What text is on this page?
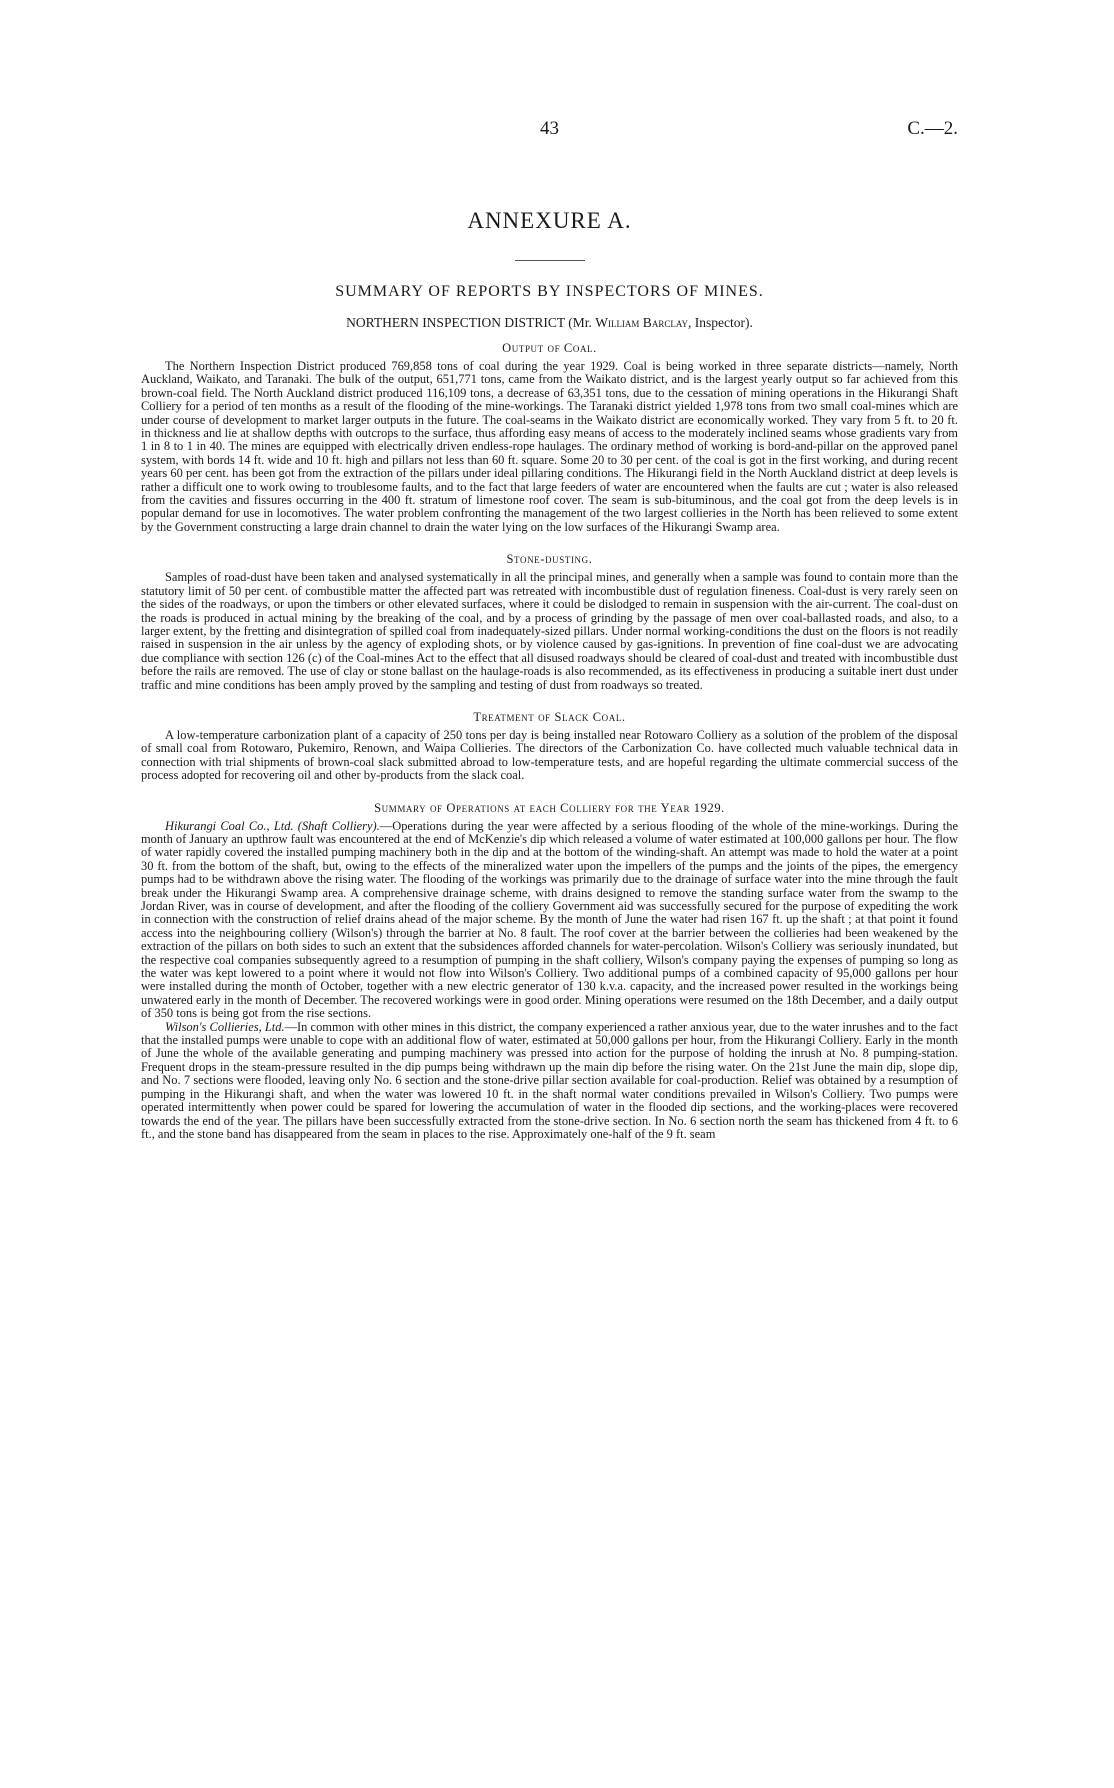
43	C.—2.
ANNEXURE A.
SUMMARY OF REPORTS BY INSPECTORS OF MINES.
NORTHERN INSPECTION DISTRICT (Mr. William Barclay, Inspector).
Output of Coal.

The Northern Inspection District produced 769,858 tons of coal during the year 1929. Coal is being worked in three separate districts—namely, North Auckland, Waikato, and Taranaki. The bulk of the output, 651,771 tons, came from the Waikato district, and is the largest yearly output so far achieved from this brown-coal field. The North Auckland district produced 116,109 tons, a decrease of 63,351 tons, due to the cessation of mining operations in the Hikurangi Shaft Colliery for a period of ten months as a result of the flooding of the mine-workings. The Taranaki district yielded 1,978 tons from two small coal-mines which are under course of development to market larger outputs in the future. The coal-seams in the Waikato district are economically worked. They vary from 5 ft. to 20 ft. in thickness and lie at shallow depths with outcrops to the surface, thus affording easy means of access to the moderately inclined seams whose gradients vary from 1 in 8 to 1 in 40. The mines are equipped with electrically driven endless-rope haulages. The ordinary method of working is bord-and-pillar on the approved panel system, with bords 14 ft. wide and 10 ft. high and pillars not less than 60 ft. square. Some 20 to 30 per cent. of the coal is got in the first working, and during recent years 60 per cent. has been got from the extraction of the pillars under ideal pillaring conditions. The Hikurangi field in the North Auckland district at deep levels is rather a difficult one to work owing to troublesome faults, and to the fact that large feeders of water are encountered when the faults are cut ; water is also released from the cavities and fissures occurring in the 400 ft. stratum of limestone roof cover. The seam is sub-bituminous, and the coal got from the deep levels is in popular demand for use in locomotives. The water problem confronting the management of the two largest collieries in the North has been relieved to some extent by the Government constructing a large drain channel to drain the water lying on the low surfaces of the Hikurangi Swamp area.

Stone-dusting.

Samples of road-dust have been taken and analysed systematically in all the principal mines, and generally when a sample was found to contain more than the statutory limit of 50 per cent. of combustible matter the affected part was retreated with incombustible dust of regulation fineness. Coal-dust is very rarely seen on the sides of the roadways, or upon the timbers or other elevated surfaces, where it could be dislodged to remain in suspension with the air-current. The coal-dust on the roads is produced in actual mining by the breaking of the coal, and by a process of grinding by the passage of men over coal-ballasted roads, and also, to a larger extent, by the fretting and disintegration of spilled coal from inadequately-sized pillars. Under normal working-conditions the dust on the floors is not readily raised in suspension in the air unless by the agency of exploding shots, or by violence caused by gas-ignitions. In prevention of fine coal-dust we are advocating due compliance with section 126 (c) of the Coal-mines Act to the effect that all disused roadways should be cleared of coal-dust and treated with incombustible dust before the rails are removed. The use of clay or stone ballast on the haulage-roads is also recommended, as its effectiveness in producing a suitable inert dust under traffic and mine conditions has been amply proved by the sampling and testing of dust from roadways so treated.

Treatment of Slack Coal.

A low-temperature carbonization plant of a capacity of 250 tons per day is being installed near Rotowaro Colliery as a solution of the problem of the disposal of small coal from Rotowaro, Pukemiro, Renown, and Waipa Collieries. The directors of the Carbonization Co. have collected much valuable technical data in connection with trial shipments of brown-coal slack submitted abroad to low-temperature tests, and are hopeful regarding the ultimate commercial success of the process adopted for recovering oil and other by-products from the slack coal.

Summary of Operations at each Colliery for the Year 1929.

Hikurangi Coal Co., Ltd. (Shaft Colliery).—Operations during the year were affected by a serious flooding of the whole of the mine-workings. During the month of January an upthrow fault was encountered at the end of McKenzie's dip which released a volume of water estimated at 100,000 gallons per hour. The flow of water rapidly covered the installed pumping machinery both in the dip and at the bottom of the winding-shaft. An attempt was made to hold the water at a point 30 ft. from the bottom of the shaft, but, owing to the effects of the mineralized water upon the impellers of the pumps and the joints of the pipes, the emergency pumps had to be withdrawn above the rising water. The flooding of the workings was primarily due to the drainage of surface water into the mine through the fault break under the Hikurangi Swamp area. A comprehensive drainage scheme, with drains designed to remove the standing surface water from the swamp to the Jordan River, was in course of development, and after the flooding of the colliery Government aid was successfully secured for the purpose of expediting the work in connection with the construction of relief drains ahead of the major scheme. By the month of June the water had risen 167 ft. up the shaft ; at that point it found access into the neighbouring colliery (Wilson's) through the barrier at No. 8 fault. The roof cover at the barrier between the collieries had been weakened by the extraction of the pillars on both sides to such an extent that the subsidences afforded channels for water-percolation. Wilson's Colliery was seriously inundated, but the respective coal companies subsequently agreed to a resumption of pumping in the shaft colliery, Wilson's company paying the expenses of pumping so long as the water was kept lowered to a point where it would not flow into Wilson's Colliery. Two additional pumps of a combined capacity of 95,000 gallons per hour were installed during the month of October, together with a new electric generator of 130 k.v.a. capacity, and the increased power resulted in the workings being unwatered early in the month of December. The recovered workings were in good order. Mining operations were resumed on the 18th December, and a daily output of 350 tons is being got from the rise sections.

Wilson's Collieries, Ltd.—In common with other mines in this district, the company experienced a rather anxious year, due to the water inrushes and to the fact that the installed pumps were unable to cope with an additional flow of water, estimated at 50,000 gallons per hour, from the Hikurangi Colliery. Early in the month of June the whole of the available generating and pumping machinery was pressed into action for the purpose of holding the inrush at No. 8 pumping-station. Frequent drops in the steam-pressure resulted in the dip pumps being withdrawn up the main dip before the rising water. On the 21st June the main dip, slope dip, and No. 7 sections were flooded, leaving only No. 6 section and the stone-drive pillar section available for coal-production. Relief was obtained by a resumption of pumping in the Hikurangi shaft, and when the water was lowered 10 ft. in the shaft normal water conditions prevailed in Wilson's Colliery. Two pumps were operated intermittently when power could be spared for lowering the accumulation of water in the flooded dip sections, and the working-places were recovered towards the end of the year. The pillars have been successfully extracted from the stone-drive section. In No. 6 section north the seam has thickened from 4 ft. to 6 ft., and the stone band has disappeared from the seam in places to the rise. Approximately one-half of the 9 ft. seam
